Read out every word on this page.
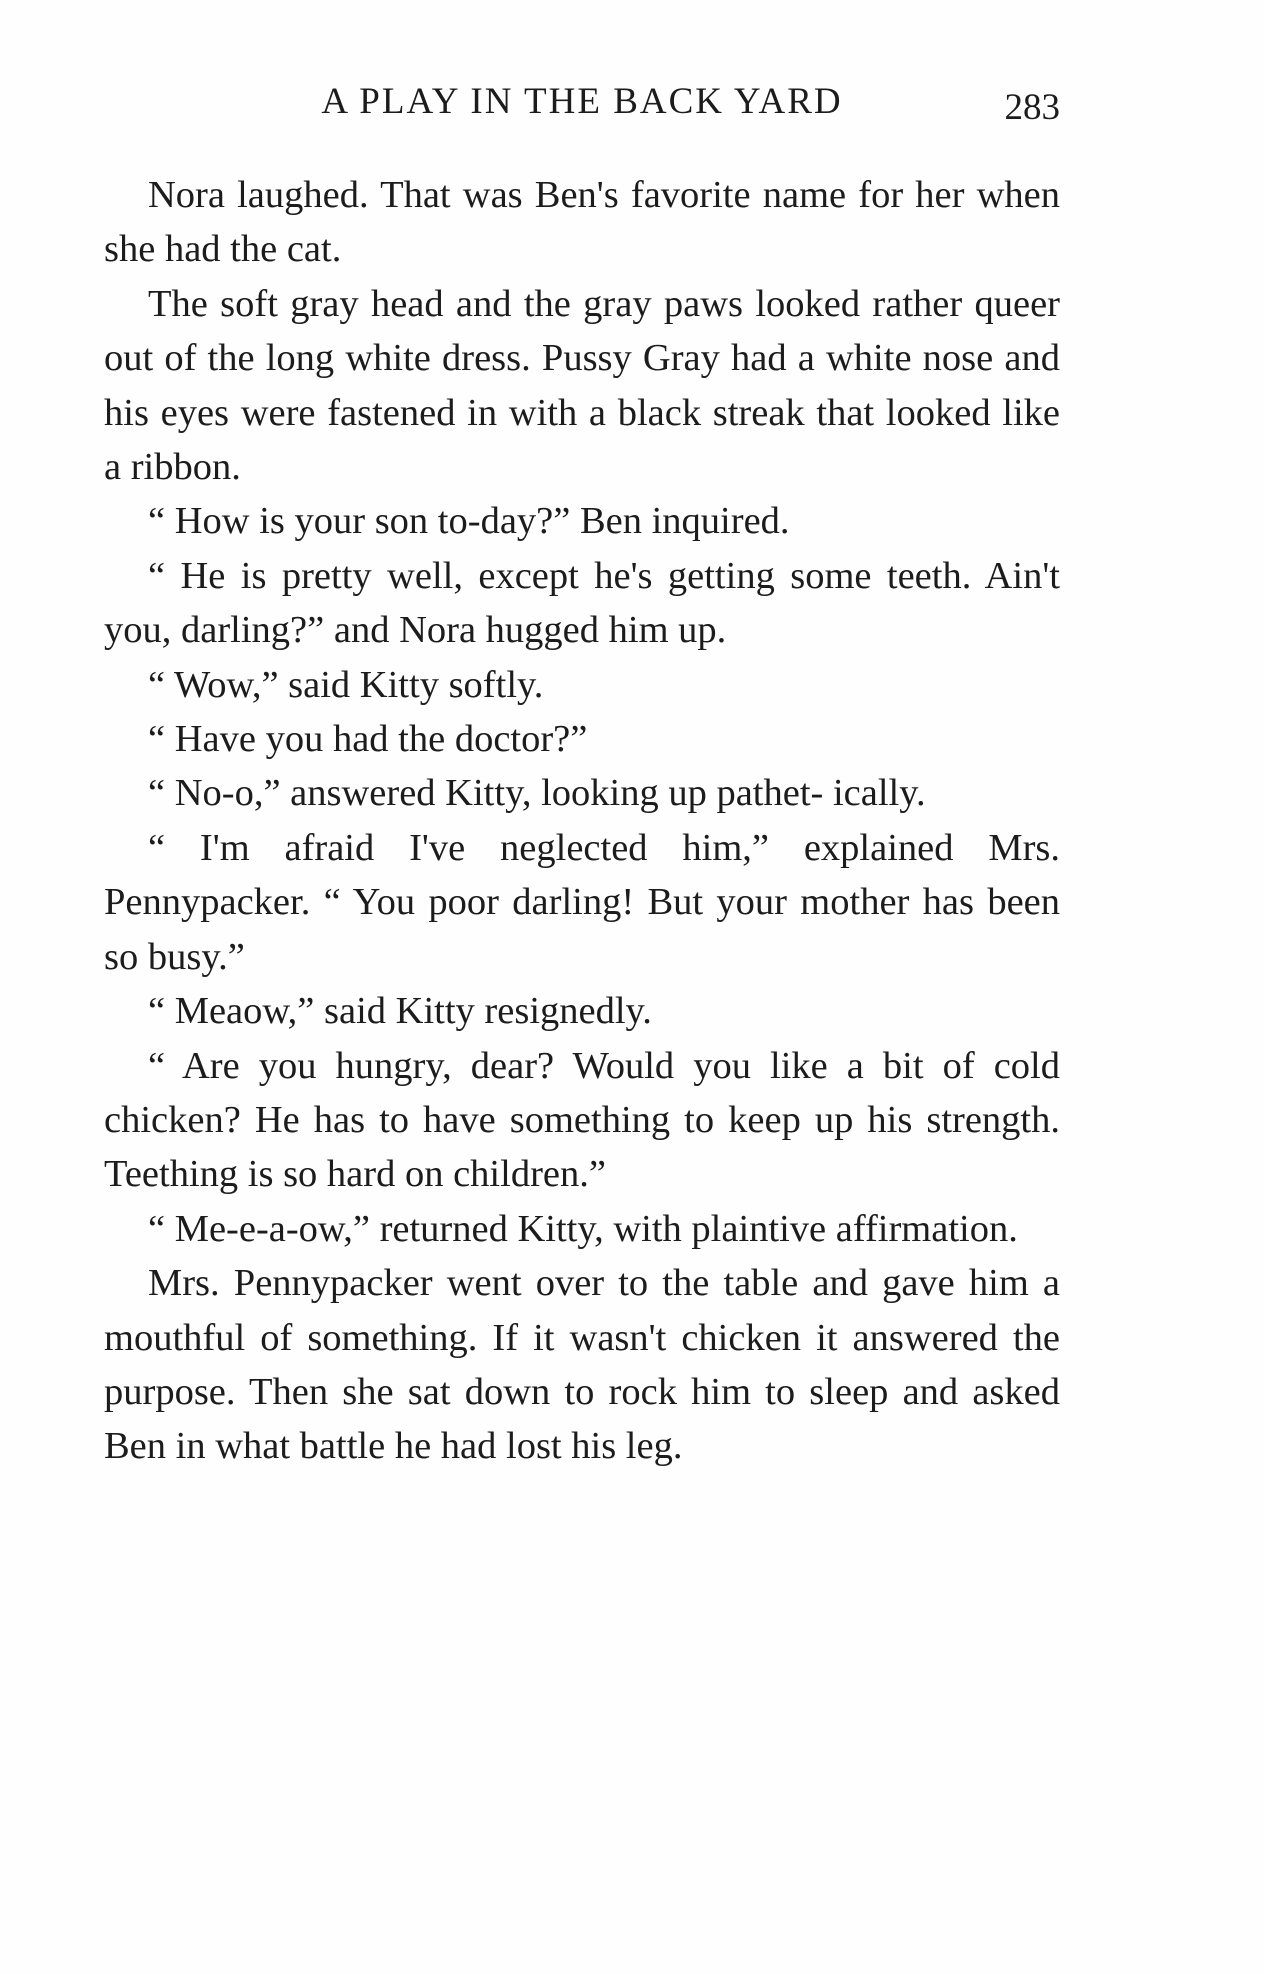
A PLAY IN THE BACK YARD	283

Nora laughed. That was Ben's favorite name for her when she had the cat.

The soft gray head and the gray paws looked rather queer out of the long white dress. Pussy Gray had a white nose and his eyes were fastened in with a black streak that looked like a ribbon.

“ How is your son to-day?” Ben inquired.

“ He is pretty well, except he's getting some teeth. Ain't you, darling?” and Nora hugged him up.

“ Wow,” said Kitty softly.

“ Have you had the doctor?”

“ No-o,” answered Kitty, looking up pathet- ically.

“ I'm afraid I've neglected him,” explained Mrs. Pennypacker. “ You poor darling! But your mother has been so busy.”

“ Meaow,” said Kitty resignedly.

“ Are you hungry, dear? Would you like a bit of cold chicken? He has to have something to keep up his strength. Teething is so hard on children.”

“ Me-e-a-ow,” returned Kitty, with plaintive affirmation.

Mrs. Pennypacker went over to the table and gave him a mouthful of something. If it wasn't chicken it answered the purpose. Then she sat down to rock him to sleep and asked Ben in what battle he had lost his leg.
